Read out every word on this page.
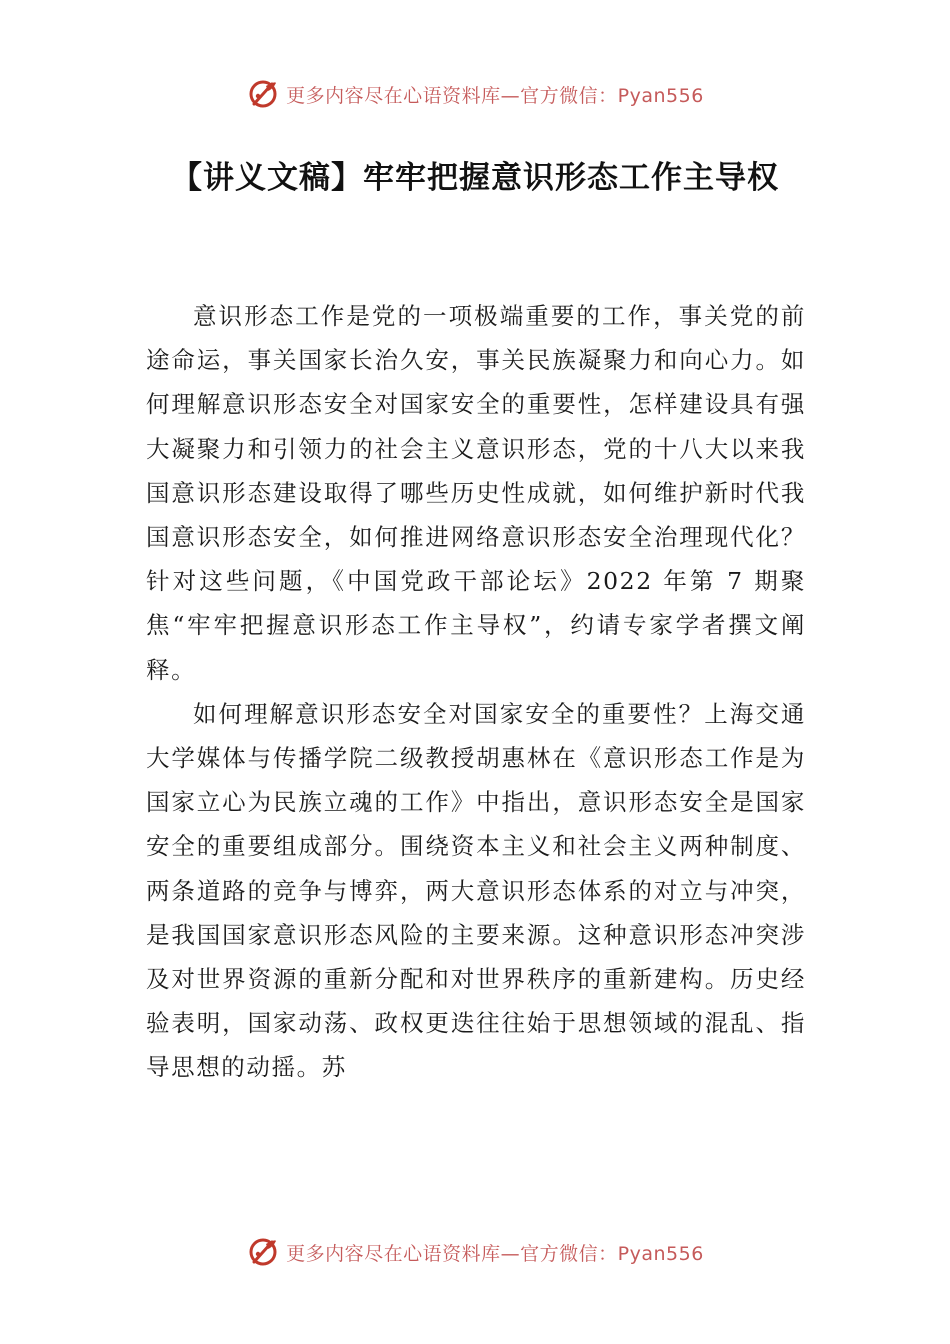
更多内容尽在心语资料库—官方微信：Pyan556
【讲义文稿】牢牢把握意识形态工作主导权

意识形态工作是党的一项极端重要的工作，事关党的前途命运，事关国家长治久安，事关民族凝聚力和向心力。如何理解意识形态安全对国家安全的重要性，怎样建设具有强大凝聚力和引领力的社会主义意识形态，党的十八大以来我国意识形态建设取得了哪些历史性成就，如何维护新时代我国意识形态安全，如何推进网络意识形态安全治理现代化？针对这些问题，《中国党政干部论坛》2022 年第 7 期聚焦“牢牢把握意识形态工作主导权”，约请专家学者撰文阐释。

如何理解意识形态安全对国家安全的重要性？上海交通大学媒体与传播学院二级教授胡惠林在《意识形态工作是为国家立心为民族立魂的工作》中指出，意识形态安全是国家安全的重要组成部分。围绕资本主义和社会主义两种制度、两条道路的竞争与博弈，两大意识形态体系的对立与冲突，是我国国家意识形态风险的主要来源。这种意识形态冲突涉及对世界资源的重新分配和对世界秩序的重新建构。历史经验表明，国家动荡、政权更迭往往始于思想领域的混乱、指导思想的动摇。苏

更多内容尽在心语资料库—官方微信：Pyan556
